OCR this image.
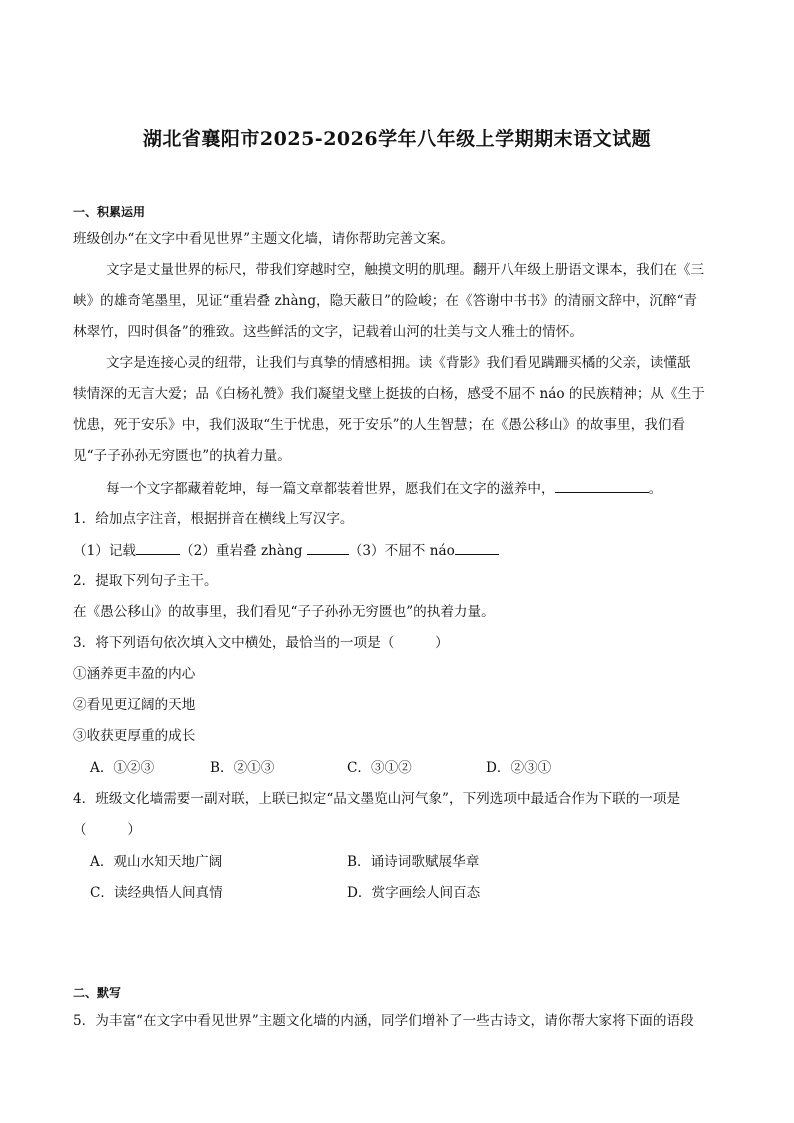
湖北省襄阳市2025-2026学年八年级上学期期末语文试题
一、积累运用
班级创办“在文字中看见世界”主题文化墙，请你帮助完善文案。
文字是丈量世界的标尺，带我们穿越时空，触摸文明的肌理。翻开八年级上册语文课本，我们在《三
峡》的雄奇笔墨里，见证“重岩叠 zhàng，隐天蔽日”的险峻；在《答谢中书书》的清丽文辞中，沉醉“青
林翠竹，四时俱备”的雅致。这些鲜活的文字，记载着山河的壮美与文人雅士的情怀。
文字是连接心灵的纽带，让我们与真挚的情感相拥。读《背影》我们看见蹒跚买橘的父亲，读懂舐
犊情深的无言大爱；品《白杨礼赞》我们凝望戈壁上挺拔的白杨，感受不屈不 náo 的民族精神；从《生于
忧患，死于安乐》中，我们汲取“生于忧患，死于安乐”的人生智慧；在《愚公移山》的故事里，我们看
见“子子孙孙无穷匮也”的执着力量。
每一个文字都藏着乾坤，每一篇文章都装着世界，愿我们在文字的滋养中，	。
1．给加点字注音，根据拼音在横线上写汉字。
（1）记载	（2）重岩叠 zhàng	（3）不屈不 náo
2．提取下列句子主干。
在《愚公移山》的故事里，我们看见“子子孙孙无穷匮也”的执着力量。
3．将下列语句依次填入文中横处，最恰当的一项是（　　　）
①涵养更丰盈的内心
②看见更辽阔的天地
③收获更厚重的成长
A．①②③	B．②①③	C．③①②	D．②③①
4．班级文化墙需要一副对联，上联已拟定“品文墨览山河气象”，下列选项中最适合作为下联的一项是
（　　　）
A．观山水知天地广阔	B．诵诗词歌赋展华章
C．读经典悟人间真情	D．赏字画绘人间百态
二、默写
5．为丰富“在文字中看见世界”主题文化墙的内涵，同学们增补了一些古诗文，请你帮大家将下面的语段
